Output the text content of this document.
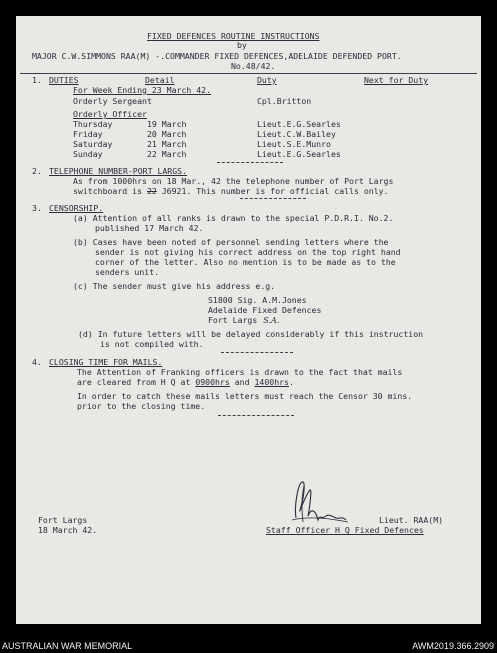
FIXED DEFENCES ROUTINE INSTRUCTIONS
by
MAJOR C.W.SIMMONS RAA(M) -.COMMANDER FIXED DEFENCES,ADELAIDE DEFENDED PORT.
No.48/42.
1. DUTIES	Detail	Duty	Next for Duty
For Week Ending 23 March 42.
Orderly Sergeant	Cpl.Britton
Orderly Officer
Thursday	19 March	Lieut.E.G.Searles
Friday	20 March	Lieut.C.W.Bailey
Saturday	21 March	Lieut.S.E.Munro
Sunday	22 March	Lieut.E.G.Searles
2. TELEPHONE NUMBER-PORT LARGS.
As from 1000hrs on 18 Mar., 42 the telephone number of Port Largs
switchboard is 22 J6921. This number is for official calls only.
3. CENSORSHIP.
(a) Attention of all ranks is drawn to the special P.D.R.I. No.2.
published 17 March 42.
(b) Cases have been noted of personnel sending letters where the
sender is not giving his correct address on the top right hand
corner of the letter. Also no mention is to be made as to the
senders unit.
(c) The sender must give his address e.g.
S1800 Sig. A.M.Jones
Adelaide Fixed Defences
Fort Largs S.A.
(d) In future letters will be delayed considerably if this instruction
is not compiled with.
4. CLOSING TIME FOR MAILS.
The Attention of Franking officers is drawn to the fact that mails
are cleared from H Q at 0900hrs and 1400hrs.
In order to catch these mails letters must reach the Censor 30 mins.
prior to the closing time.
Fort Largs
18 March 42.
Lieut. RAA(M)
Staff Officer H Q Fixed Defences
AUSTRALIAN WAR MEMORIAL	AWM2019.366.2909
